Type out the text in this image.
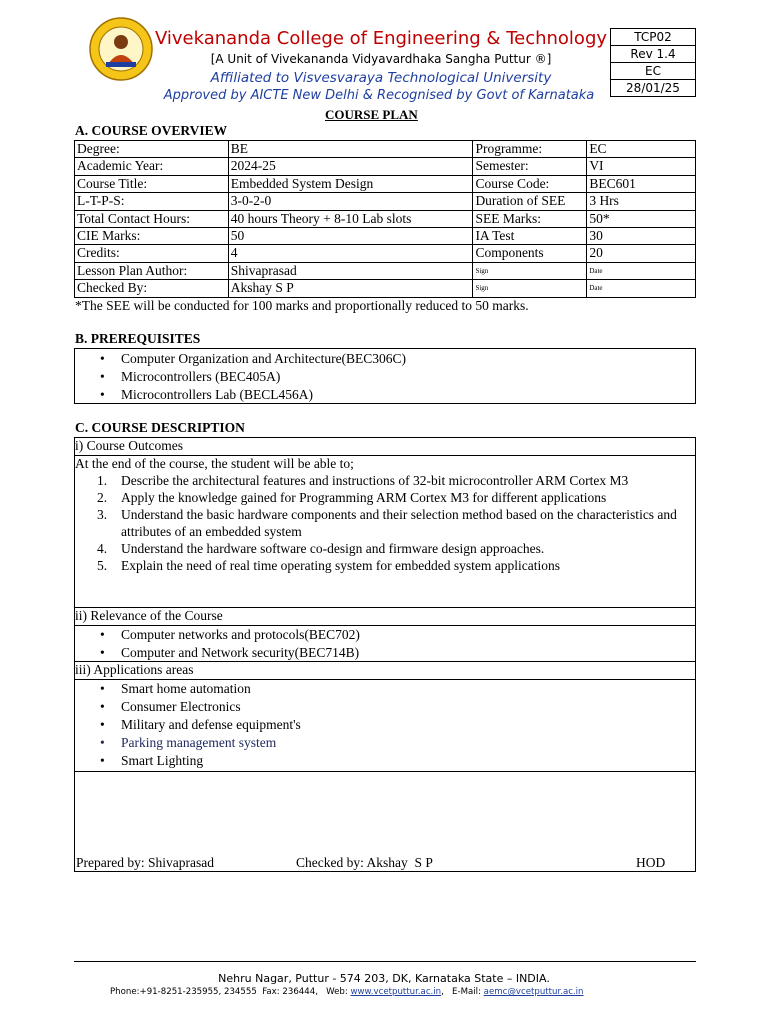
Vivekananda College of Engineering & Technology
[A Unit of Vivekananda Vidyavardhaka Sangha Puttur ®]
Affiliated to Visvesvaraya Technological University
Approved by AICTE New Delhi & Recognised by Govt of Karnataka
TCP02
Rev 1.4
EC
28/01/25
COURSE PLAN
A. COURSE OVERVIEW
Degree:	BE	Programme:	EC
Academic Year:	2024-25	Semester:	VI
Course Title:	Embedded System Design	Course Code:	BEC601
L-T-P-S:	3-0-2-0	Duration of SEE	3 Hrs
Total Contact Hours:	40 hours Theory + 8-10 Lab slots	SEE Marks:	50*
CIE Marks:	50	IA Test	30
Credits:	4	Components	20
Lesson Plan Author:	Shivaprasad	Sign	Date
Checked By:	Akshay S P	Sign	Date
*The SEE will be conducted for 100 marks and proportionally reduced to 50 marks.
B. PREREQUISITES
• Computer Organization and Architecture(BEC306C)
• Microcontrollers (BEC405A)
• Microcontrollers Lab (BECL456A)
C. COURSE DESCRIPTION
i) Course Outcomes
At the end of the course, the student will be able to;
1. Describe the architectural features and instructions of 32-bit microcontroller ARM Cortex M3
2. Apply the knowledge gained for Programming ARM Cortex M3 for different applications
3. Understand the basic hardware components and their selection method based on the characteristics and attributes of an embedded system
4. Understand the hardware software co-design and firmware design approaches.
5. Explain the need of real time operating system for embedded system applications
ii) Relevance of the Course
• Computer networks and protocols(BEC702)
• Computer and Network security(BEC714B)
iii) Applications areas
• Smart home automation
• Consumer Electronics
• Military and defense equipment's
• Parking management system
• Smart Lighting
Prepared by: Shivaprasad	Checked by: Akshay  S P	HOD
Nehru Nagar, Puttur - 574 203, DK, Karnataka State – INDIA.
Phone:+91-8251-235955, 234555  Fax: 236444,   Web: www.vcetputtur.ac.in,   E-Mail: aemc@vcetputtur.ac.in
